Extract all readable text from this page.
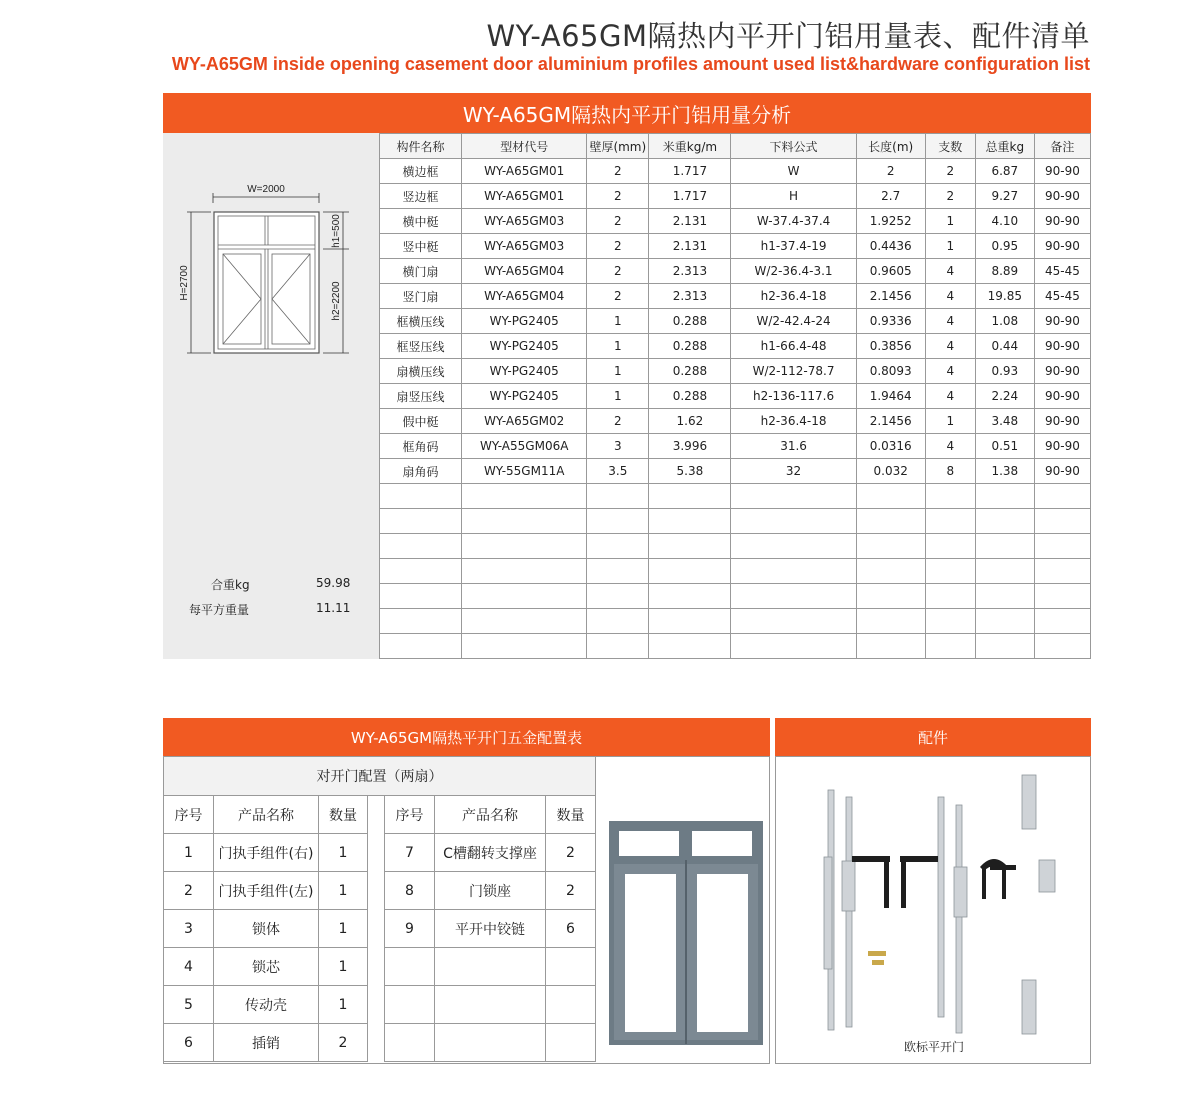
WY-A65GM隔热内平开门铝用量表、配件清单
WY-A65GM inside opening casement door aluminium profiles amount used list&hardware configuration list
WY-A65GM隔热内平开门铝用量分析
W=2000
H=2700
h1=500
h2=2200
合重kg	59.98
每平方重量	11.11
构件名称	型材代号	壁厚(mm)	米重kg/m	下料公式	长度(m)	支数	总重kg	备注
横边框	WY-A65GM01	2	1.717	W	2	2	6.87	90-90
竖边框	WY-A65GM01	2	1.717	H	2.7	2	9.27	90-90
横中梃	WY-A65GM03	2	2.131	W-37.4-37.4	1.9252	1	4.10	90-90
竖中梃	WY-A65GM03	2	2.131	h1-37.4-19	0.4436	1	0.95	90-90
横门扇	WY-A65GM04	2	2.313	W/2-36.4-3.1	0.9605	4	8.89	45-45
竖门扇	WY-A65GM04	2	2.313	h2-36.4-18	2.1456	4	19.85	45-45
框横压线	WY-PG2405	1	0.288	W/2-42.4-24	0.9336	4	1.08	90-90
框竖压线	WY-PG2405	1	0.288	h1-66.4-48	0.3856	4	0.44	90-90
扇横压线	WY-PG2405	1	0.288	W/2-112-78.7	0.8093	4	0.93	90-90
扇竖压线	WY-PG2405	1	0.288	h2-136-117.6	1.9464	4	2.24	90-90
假中梃	WY-A65GM02	2	1.62	h2-36.4-18	2.1456	1	3.48	90-90
框角码	WY-A55GM06A	3	3.996	31.6	0.0316	4	0.51	90-90
扇角码	WY-55GM11A	3.5	5.38	32	0.032	8	1.38	90-90

WY-A65GM隔热平开门五金配置表	配件
对开门配置（两扇）						
序号	产品名称	数量		序号	产品名称	数量
1	门执手组件(右)	1		7	C槽翻转支撑座	2
2	门执手组件(左)	1		8	门锁座	2
3	锁体	1		9	平开中铰链	6
4	锁芯	1				
5	传动壳	1				
6	插销	2					欧标平开门
